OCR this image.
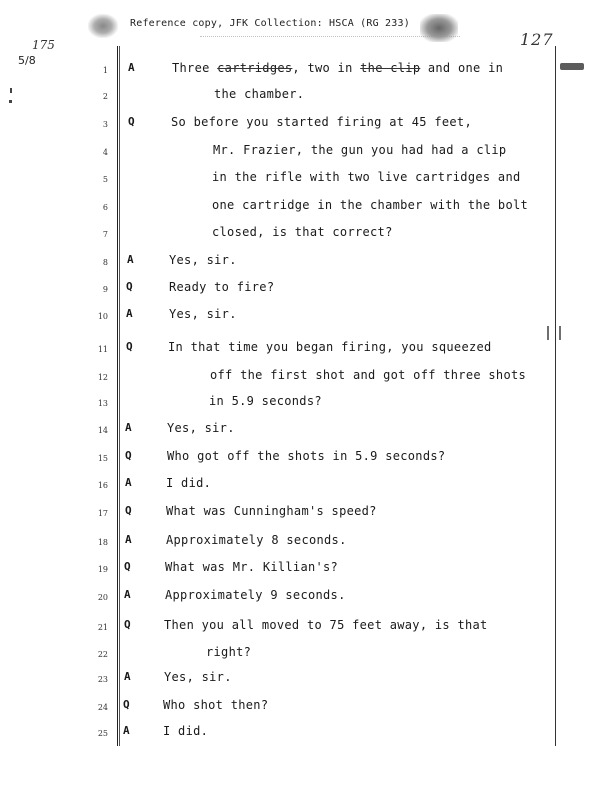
Reference copy, JFK Collection: HSCA (RG 233)
175
5/8
127
1 A	Three cartridges, two in the clip and one in
2	the chamber.
3 Q	So before you started firing at 45 feet,
4	Mr. Frazier, the gun you had had a clip
5	in the rifle with two live cartridges and
6	one cartridge in the chamber with the bolt
7	closed, is that correct?
8 A	Yes, sir.
9 Q	Ready to fire?
10 A	Yes, sir.
11 Q	In that time you began firing, you squeezed
12	off the first shot and got off three shots
13	in 5.9 seconds?
14 A	Yes, sir.
15 Q	Who got off the shots in 5.9 seconds?
16 A	I did.
17 Q	What was Cunningham's speed?
18 A	Approximately 8 seconds.
19 Q	What was Mr. Killian's?
20 A	Approximately 9 seconds.
21 Q	Then you all moved to 75 feet away, is that
22	right?
23 A	Yes, sir.
24 Q	Who shot then?
25 A	I did.
